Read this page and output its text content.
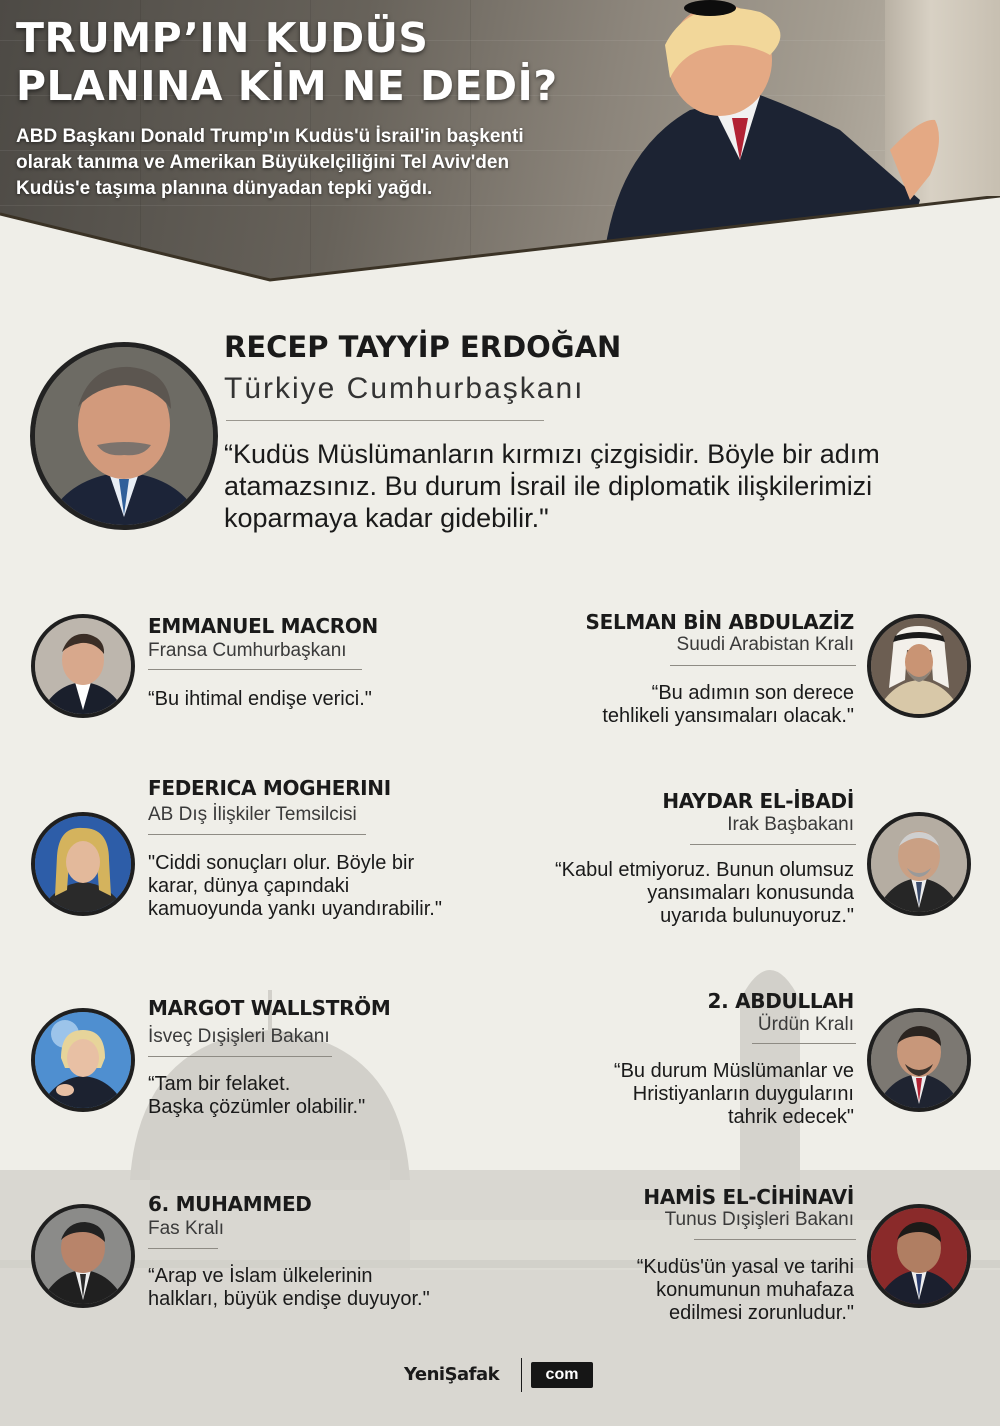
TRUMP’IN KUDÜS
PLANINA KİM NE DEDİ?
ABD Başkanı Donald Trump'ın Kudüs'ü İsrail'in başkenti
olarak tanıma ve Amerikan Büyükelçiliğini Tel Aviv'den
Kudüs'e taşıma planına dünyadan tepki yağdı.
RECEP TAYYİP ERDOĞAN
Türkiye Cumhurbaşkanı
“Kudüs Müslümanların kırmızı çizgisidir. Böyle bir adım
atamazsınız. Bu durum İsrail ile diplomatik ilişkilerimizi
koparmaya kadar gidebilir."
EMMANUEL MACRON
Fransa Cumhurbaşkanı
“Bu ihtimal endişe verici."
FEDERICA MOGHERINI
AB Dış İlişkiler Temsilcisi
"Ciddi sonuçları olur. Böyle bir
karar, dünya çapındaki
kamuoyunda yankı uyandırabilir."
MARGOT WALLSTRÖM
İsveç Dışişleri Bakanı
“Tam bir felaket.
Başka çözümler olabilir."
6. MUHAMMED
Fas Kralı
“Arap ve İslam ülkelerinin
halkları, büyük endişe duyuyor."
SELMAN BİN ABDULAZİZ
Suudi Arabistan Kralı
“Bu adımın son derece
tehlikeli yansımaları olacak."
HAYDAR EL-İBADİ
Irak Başbakanı
“Kabul etmiyoruz. Bunun olumsuz
yansımaları konusunda
uyarıda bulunuyoruz."
2. ABDULLAH
Ürdün Kralı
“Bu durum Müslümanlar ve
Hristiyanların duygularını
tahrik edecek"
HAMİS EL-CİHİNAVİ
Tunus Dışişleri Bakanı
“Kudüs'ün yasal ve tarihi
konumunun muhafaza
edilmesi zorunludur."
YeniŞafak	com
